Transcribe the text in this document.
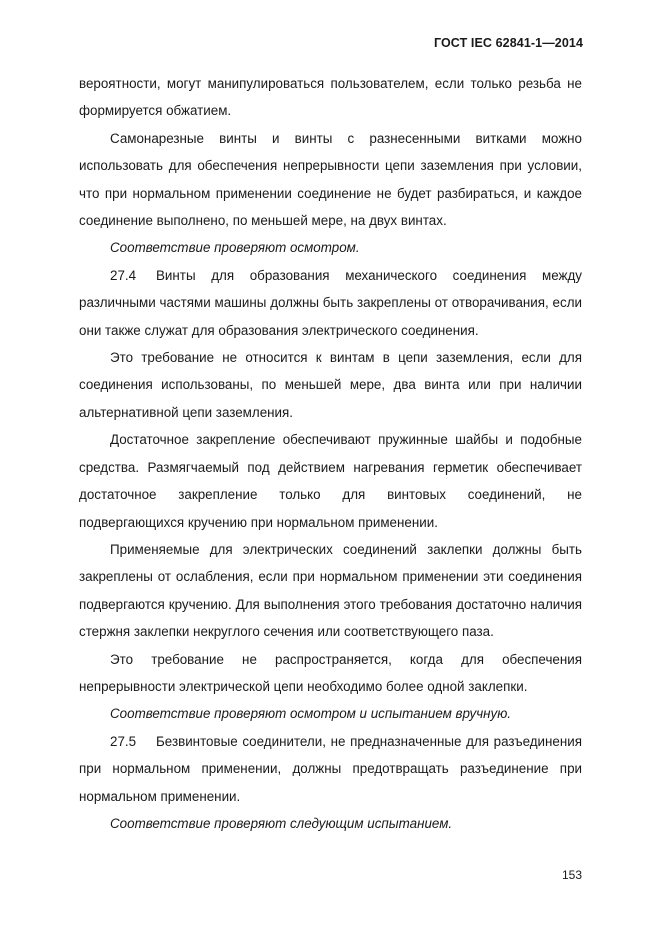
ГОСТ IEC 62841-1—2014

вероятности, могут манипулироваться пользователем, если только резьба не формируется обжатием.

Самонарезные винты и винты с разнесенными витками можно использовать для обеспечения непрерывности цепи заземления при условии, что при нормальном применении соединение не будет разбираться, и каждое соединение выполнено, по меньшей мере, на двух винтах.

Соответствие проверяют осмотром.

27.4 Винты для образования механического соединения между различными частями машины должны быть закреплены от отворачивания, если они также служат для образования электрического соединения.

Это требование не относится к винтам в цепи заземления, если для соединения использованы, по меньшей мере, два винта или при наличии альтернативной цепи заземления.

Достаточное закрепление обеспечивают пружинные шайбы и подобные средства. Размягчаемый под действием нагревания герметик обеспечивает достаточное закрепление только для винтовых соединений, не подвергающихся кручению при нормальном применении.

Применяемые для электрических соединений заклепки должны быть закреплены от ослабления, если при нормальном применении эти соединения подвергаются кручению. Для выполнения этого требования достаточно наличия стержня заклепки некруглого сечения или соответствующего паза.

Это требование не распространяется, когда для обеспечения непрерывности электрической цепи необходимо более одной заклепки.

Соответствие проверяют осмотром и испытанием вручную.

27.5 Безвинтовые соединители, не предназначенные для разъединения при нормальном применении, должны предотвращать разъединение при нормальном применении.

Соответствие проверяют следующим испытанием.

153
